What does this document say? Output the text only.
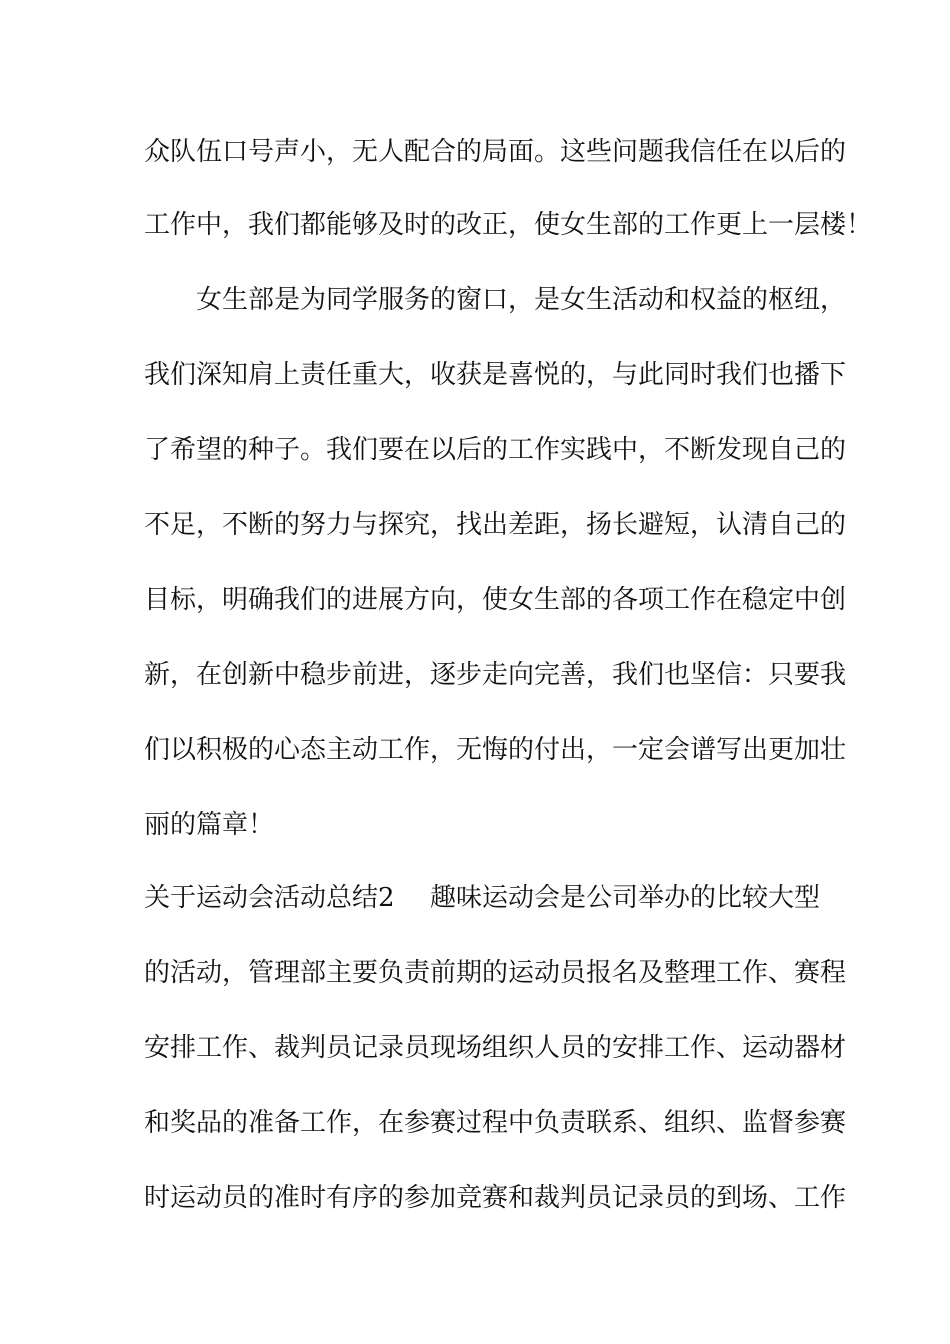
众队伍口号声小，无人配合的局面。这些问题我信任在以后的
工作中，我们都能够及时的改正，使女生部的工作更上一层楼！
女生部是为同学服务的窗口，是女生活动和权益的枢纽，
我们深知肩上责任重大，收获是喜悦的，与此同时我们也播下
了希望的种子。我们要在以后的工作实践中，不断发现自己的
不足，不断的努力与探究，找出差距，扬长避短，认清自己的
目标，明确我们的进展方向，使女生部的各项工作在稳定中创
新，在创新中稳步前进，逐步走向完善，我们也坚信：只要我
们以积极的心态主动工作，无悔的付出，一定会谱写出更加壮
丽的篇章！
关于运动会活动总结2 趣味运动会是公司举办的比较大型
的活动，管理部主要负责前期的运动员报名及整理工作、赛程
安排工作、裁判员记录员现场组织人员的安排工作、运动器材
和奖品的准备工作，在参赛过程中负责联系、组织、监督参赛
时运动员的准时有序的参加竞赛和裁判员记录员的到场、工作
